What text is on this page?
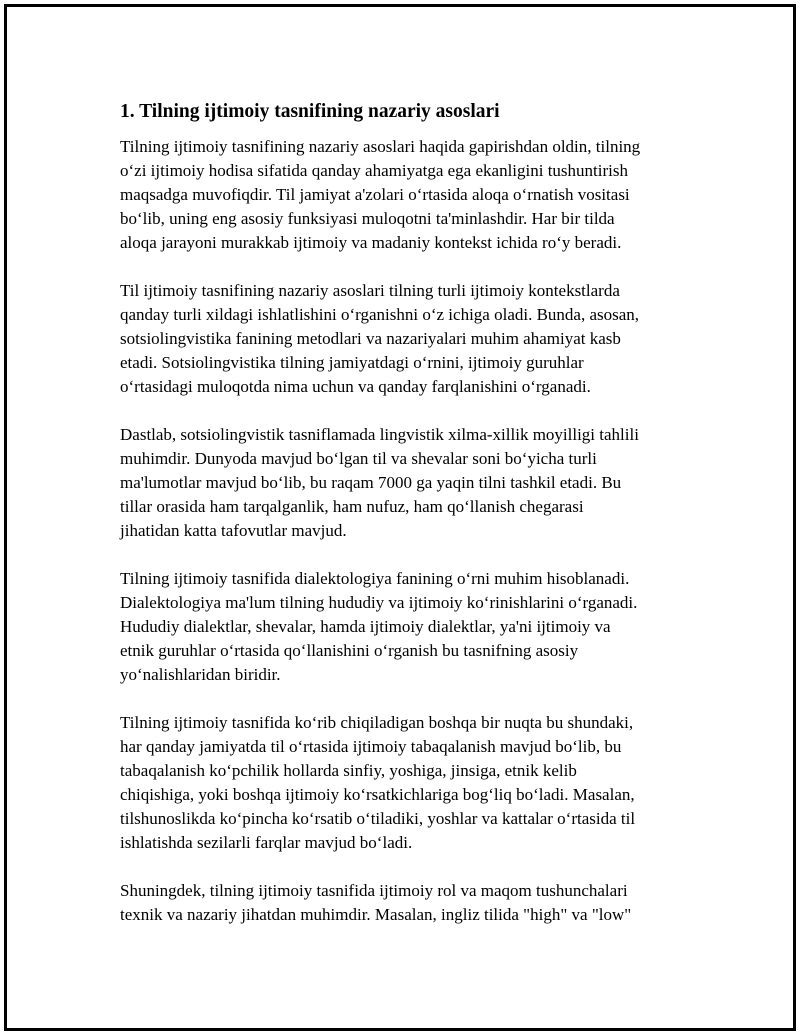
1. Tilning ijtimoiy tasnifining nazariy asoslari

Tilning ijtimoiy tasnifining nazariy asoslari haqida gapirishdan oldin, tilning
o‘zi ijtimoiy hodisa sifatida qanday ahamiyatga ega ekanligini tushuntirish
maqsadga muvofiqdir. Til jamiyat a'zolari o‘rtasida aloqa o‘rnatish vositasi
bo‘lib, uning eng asosiy funksiyasi muloqotni ta'minlashdir. Har bir tilda
aloqa jarayoni murakkab ijtimoiy va madaniy kontekst ichida ro‘y beradi.

Til ijtimoiy tasnifining nazariy asoslari tilning turli ijtimoiy kontekstlarda
qanday turli xildagi ishlatlishini o‘rganishni o‘z ichiga oladi. Bunda, asosan,
sotsiolingvistika fanining metodlari va nazariyalari muhim ahamiyat kasb
etadi. Sotsiolingvistika tilning jamiyatdagi o‘rnini, ijtimoiy guruhlar
o‘rtasidagi muloqotda nima uchun va qanday farqlanishini o‘rganadi.

Dastlab, sotsiolingvistik tasniflamada lingvistik xilma-xillik moyilligi tahlili
muhimdir. Dunyoda mavjud bo‘lgan til va shevalar soni bo‘yicha turli
ma'lumotlar mavjud bo‘lib, bu raqam 7000 ga yaqin tilni tashkil etadi. Bu
tillar orasida ham tarqalganlik, ham nufuz, ham qo‘llanish chegarasi
jihatidan katta tafovutlar mavjud.

Tilning ijtimoiy tasnifida dialektologiya fanining o‘rni muhim hisoblanadi.
Dialektologiya ma'lum tilning hududiy va ijtimoiy ko‘rinishlarini o‘rganadi.
Hududiy dialektlar, shevalar, hamda ijtimoiy dialektlar, ya'ni ijtimoiy va
etnik guruhlar o‘rtasida qo‘llanishini o‘rganish bu tasnifning asosiy
yo‘nalishlaridan biridir.

Tilning ijtimoiy tasnifida ko‘rib chiqiladigan boshqa bir nuqta bu shundaki,
har qanday jamiyatda til o‘rtasida ijtimoiy tabaqalanish mavjud bo‘lib, bu
tabaqalanish ko‘pchilik hollarda sinfiy, yoshiga, jinsiga, etnik kelib
chiqishiga, yoki boshqa ijtimoiy ko‘rsatkichlariga bog‘liq bo‘ladi. Masalan,
tilshunoslikda ko‘pincha ko‘rsatib o‘tiladiki, yoshlar va kattalar o‘rtasida til
ishlatishda sezilarli farqlar mavjud bo‘ladi.

Shuningdek, tilning ijtimoiy tasnifida ijtimoiy rol va maqom tushunchalari
texnik va nazariy jihatdan muhimdir. Masalan, ingliz tilida "high" va "low"
